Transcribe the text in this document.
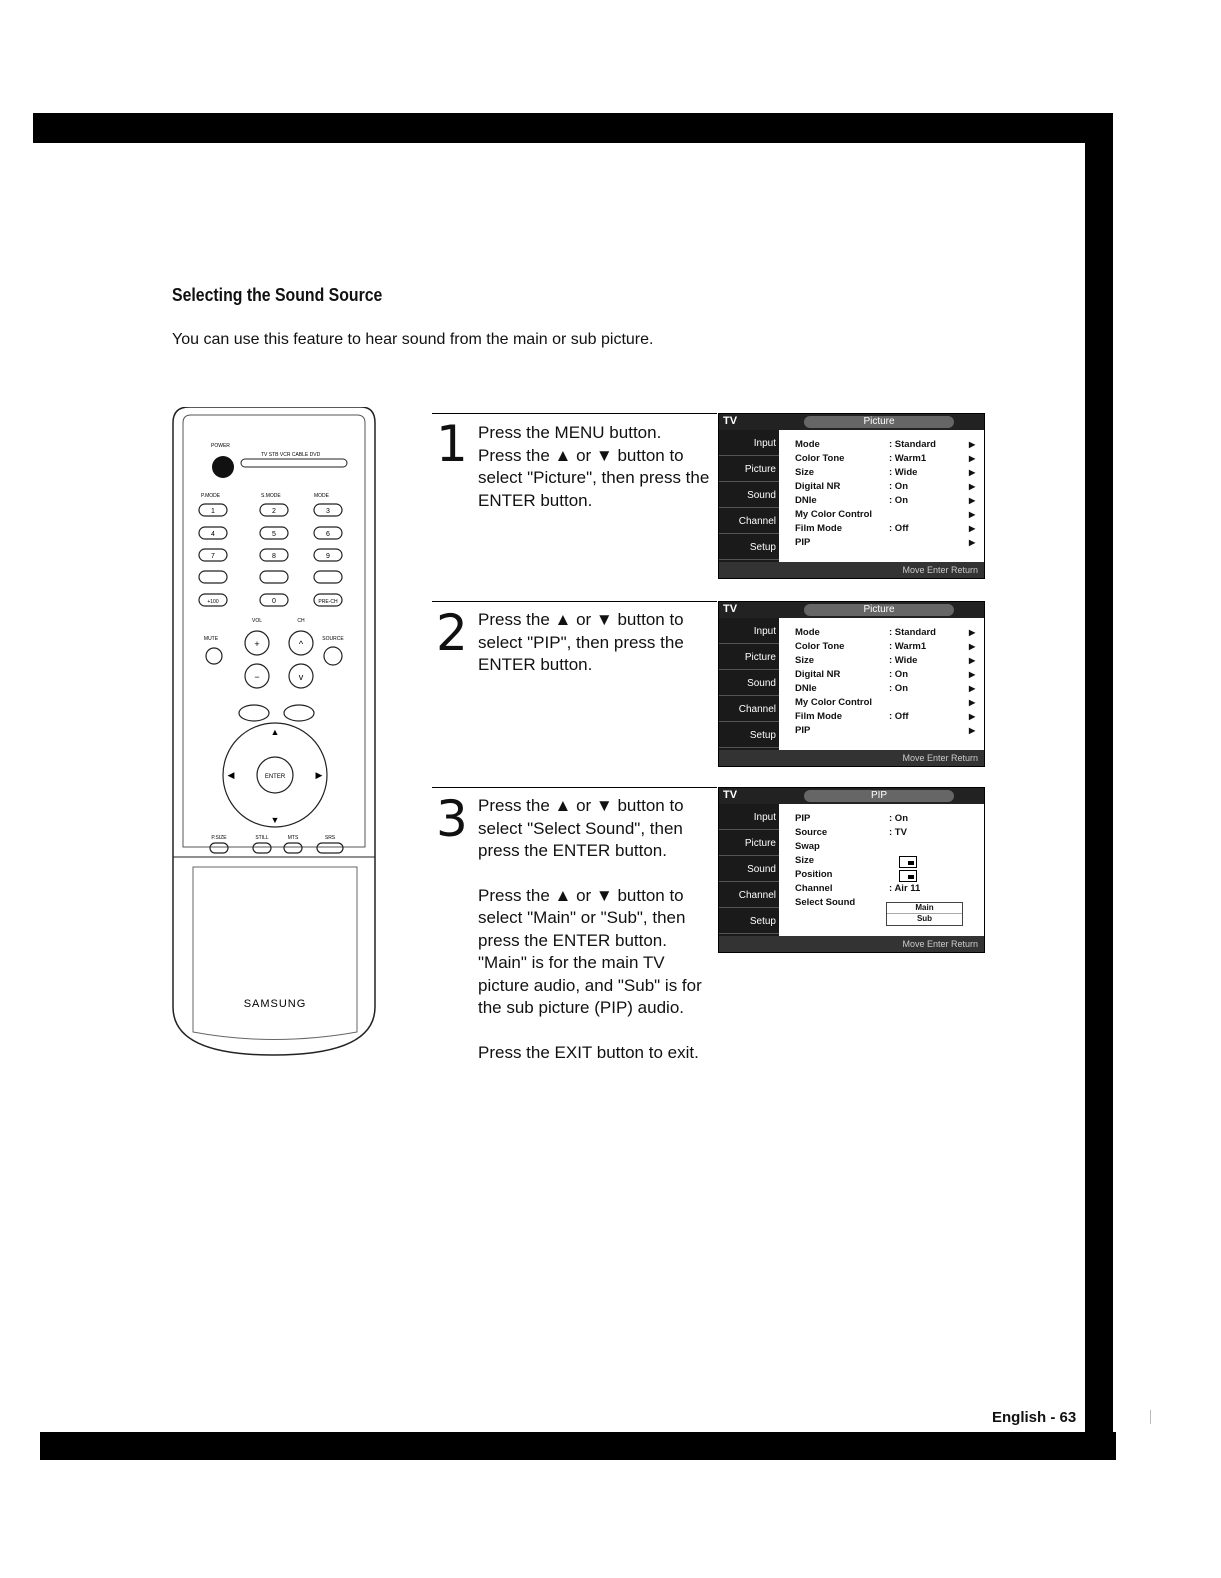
English - 63
Selecting the Sound Source
You can use this feature to hear sound from the main or sub picture.
POWER
TV STB VCR CABLE DVD
P.MODE	S.MODE	MODE
1	2	3
4	5	6
7	8	9
+100	0	PRE-CH
VOL	CH
MUTE	SOURCE
ENTER
P.SIZE	STILL	MTS	SRS
+	^
−	v
▲
▼
◀	▶
SAMSUNG
1 Press the MENU button.
Press the ▲ or ▼ button to select "Picture", then press the ENTER button.

2 Press the ▲ or ▼ button to select "PIP", then press the ENTER button.

3 Press the ▲ or ▼ button to select "Select Sound", then press the ENTER button.

Press the ▲ or ▼ button to select "Main" or "Sub", then press the ENTER button. "Main" is for the main TV picture audio, and "Sub" is for the sub picture (PIP) audio.

Press the EXIT button to exit.

TV	Picture
Input
Picture
Sound
Channel
Setup
Mode	: Standard	▶
Color Tone	: Warm1	▶
Size	: Wide	▶
Digital NR	: On	▶
DNIe	: On	▶
My Color Control	▶
Film Mode	: Off	▶
PIP	▶
Move Enter Return
TV	Picture
Input
Picture
Sound
Channel
Setup
Mode	: Standard	▶
Color Tone	: Warm1	▶
Size	: Wide	▶
Digital NR	: On	▶
DNIe	: On	▶
My Color Control	▶
Film Mode	: Off	▶
PIP	▶
Move Enter Return
TV	PIP
Input
Picture
Sound
Channel
Setup
PIP	: On
Source	: TV
Swap
Size
Position
Channel	: Air 11
Select Sound	Main
Sub
Move Enter Return
